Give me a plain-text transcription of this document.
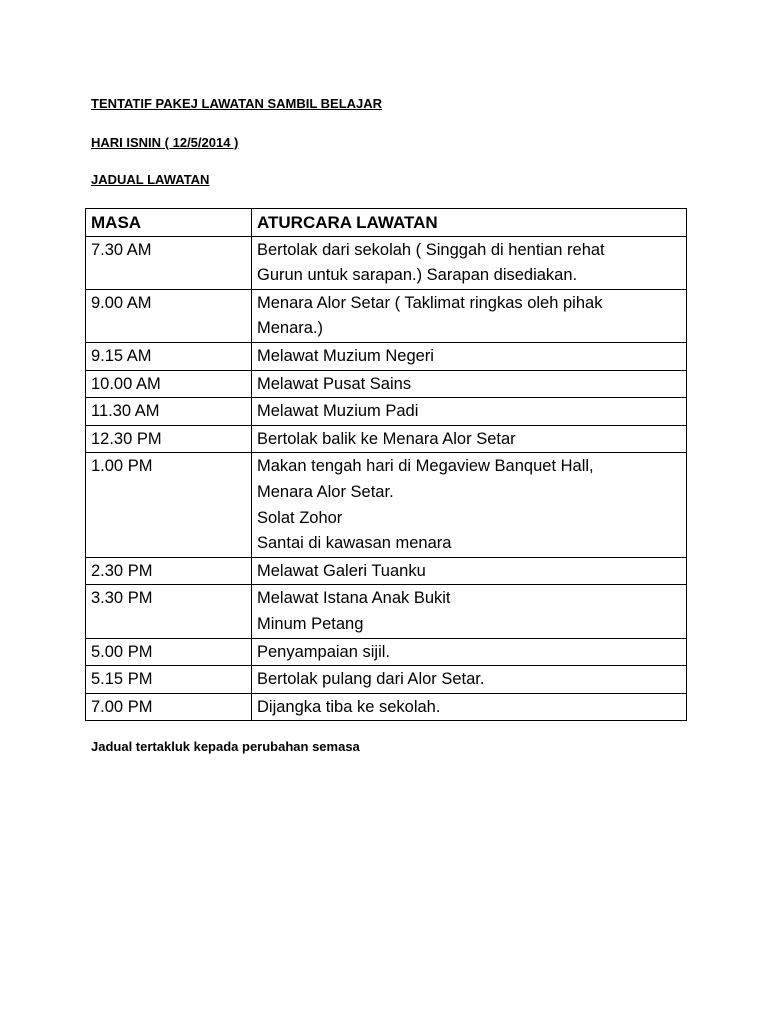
TENTATIF PAKEJ LAWATAN SAMBIL BELAJAR
HARI ISNIN ( 12/5/2014 )
JADUAL LAWATAN
MASA	ATURCARA LAWATAN
7.30 AM	Bertolak dari sekolah ( Singgah di hentian rehat
Gurun untuk sarapan.) Sarapan disediakan.

9.00 AM	Menara Alor Setar ( Taklimat ringkas oleh pihak
Menara.)

9.15 AM	Melawat Muzium Negeri

10.00 AM	Melawat Pusat Sains

11.30 AM	Melawat Muzium Padi

12.30 PM	Bertolak balik ke Menara Alor Setar

1.00 PM	Makan tengah hari di Megaview Banquet Hall,
Menara Alor Setar.
Solat Zohor
Santai di kawasan menara

2.30 PM	Melawat Galeri Tuanku

3.30 PM	Melawat Istana Anak Bukit
Minum Petang

5.00 PM	Penyampaian sijil.

5.15 PM	Bertolak pulang dari Alor Setar.

7.00 PM	Dijangka tiba ke sekolah.
Jadual tertakluk kepada perubahan semasa
